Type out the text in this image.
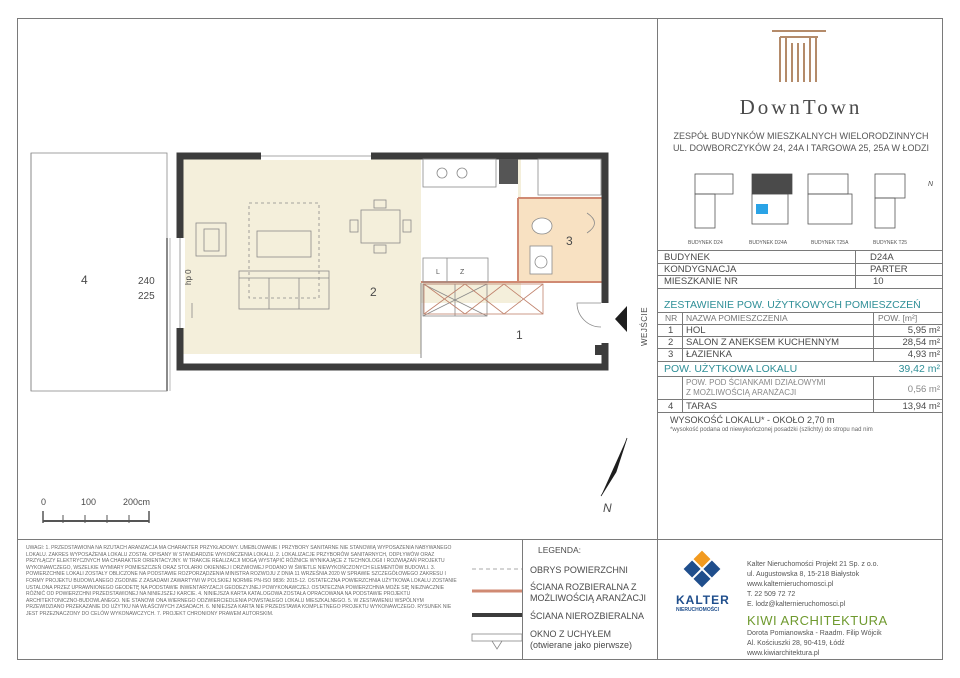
L	Z
4
2
3
1
240
225
hp 0
WEJŚCIE
N
0	100	200cm
DownTown
ZESPÓŁ BUDYNKÓW MIESZKALNYCH WIELORODZINNYCH
UL. DOWBORCZYKÓW 24, 24A I TARGOWA 25, 25A W ŁODZI
BUDYNEK D24	BUDYNEK D24A	BUDYNEK T25A	BUDYNEK T25
N
BUDYNEK	D24A
KONDYGNACJA	PARTER
MIESZKANIE NR	10
ZESTAWIENIE POW. UŻYTKOWYCH POMIESZCZEŃ
NR NAZWA POMIESZCZENIA	POW. [m²]
1 HOL	5,95 m²
2 SALON Z ANEKSEM KUCHENNYM	28,54 m²
3 ŁAZIENKA	4,93 m²
POW. UŻYTKOWA LOKALU	39,42 m²
POW. POD ŚCIANKAMI DZIAŁOWYMI
Z MOŻLIWOŚCIĄ ARANŻACJI	0,56 m²
4 TARAS	13,94 m²
WYSOKOŚĆ LOKALU* - OKOŁO 2,70 m
*wysokość podana od niewykończonej posadzki (szlichty) do stropu nad nim
UWAGI: 1. PRZEDSTAWIONA NA RZUTACH ARANŻACJA MA CHARAKTER PRZYKŁADOWY. UMEBLOWANIE I PRZYBORY SANITARNE NIE STANOWIĄ WYPOSAŻENIA NABYWANEGO LOKALU. ZAKRES WYPOSAŻENIA LOKALU ZOSTAŁ OPISANY W STANDARDZIE WYKOŃCZENIA LOKALU. 2. LOKALIZACJE PRZYBORÓW SANITARNYCH, ODPŁYWÓW ORAZ PRZYŁĄCZY ELEKTRYCZNYCH MA CHARAKTER ORIENTACYJNY. W TRAKCIE REALIZACJI MOGĄ WYSTĄPIĆ RÓŻNICE WYNIKAJĄCE Z TECHNOLOGII I ROZWIĄZAŃ PROJEKTU WYKONAWCZEGO, WSZELKIE WYMIARY POMIESZCZEŃ ORAZ STOLARKI OKIENNEJ I DRZWIOWEJ PODANO W ŚWIETLE NIEWYKOŃCZONYCH ELEMENTÓW BUDOWLI. 3. POWIERZCHNIE LOKALI ZOSTAŁY OBLICZONE NA PODSTAWIE ROZPORZĄDZENIA MINISTRA ROZWOJU Z DNIA 11 WRZEŚNIA 2020 W SPRAWIE SZCZEGÓŁOWEGO ZAKRESU I FORMY PROJEKTU BUDOWLANEGO ZGODNIE Z ZASADAMI ZAWARTYMI W POLSKIEJ NORMIE PN-ISO 9836: 2015-12. OSTATECZNA POWIERZCHNIA UŻYTKOWA LOKALU ZOSTANIE USTALONA PRZEZ UPRAWNIONEGO GEODETĘ NA PODSTAWIE INWENTARYZACJI GEODEZYJNEJ POWYKONAWCZEJ. OSTATECZNA POWIERZCHNIA MOŻE SIĘ NIEZNACZNIE RÓŻNIĆ OD POWIERZCHNI PRZEDSTAWIONEJ NA NINIEJSZEJ KARCIE. 4. NINIEJSZA KARTA KATALOGOWA ZOSTAŁA OPRACOWANA NA PODSTAWIE PROJEKTU ARCHITEKTONICZNO-BUDOWLANEGO. NIE STANOWI ONA WIERNEGO ODZWIERCIEDLENIA POWSTAŁEGO LOKALU MIESZKALNEGO. 5. W ZESTAWIENIU WSPÓLNYM PRZEWIDZIANO PRZEKAZANIE DO UŻYTKU NA WŁAŚCIWYCH ZASADACH. 6. NINIEJSZA KARTA NIE PRZEDSTAWIA KOMPLETNEGO PROJEKTU WYKONAWCZEGO. RYSUNEK NIE JEST PRZEZNACZONY DO CELÓW WYKONAWCZYCH. 7. PROJEKT CHRONIONY PRAWEM AUTORSKIM.
LEGENDA:
OBRYS POWIERZCHNI
ŚCIANA ROZBIERALNA Z
MOŻLIWOŚCIĄ ARANŻACJI
ŚCIANA NIEROZBIERALNA
OKNO Z UCHYŁEM
(otwierane jako pierwsze)
KALTER
NIERUCHOMOŚCI
Kalter Nieruchomości Projekt 21 Sp. z o.o.
ul. Augustowska 8, 15-218 Białystok
www.kalternieruchomosci.pl
T. 22 509 72 72
E. lodz@kalternieruchomosci.pl
KIWI ARCHITEKTURA
Dorota Pomianowska - Raadm. Filip Wójcik
Al. Kościuszki 28, 90-419, Łódź
www.kiwiarchitektura.pl
